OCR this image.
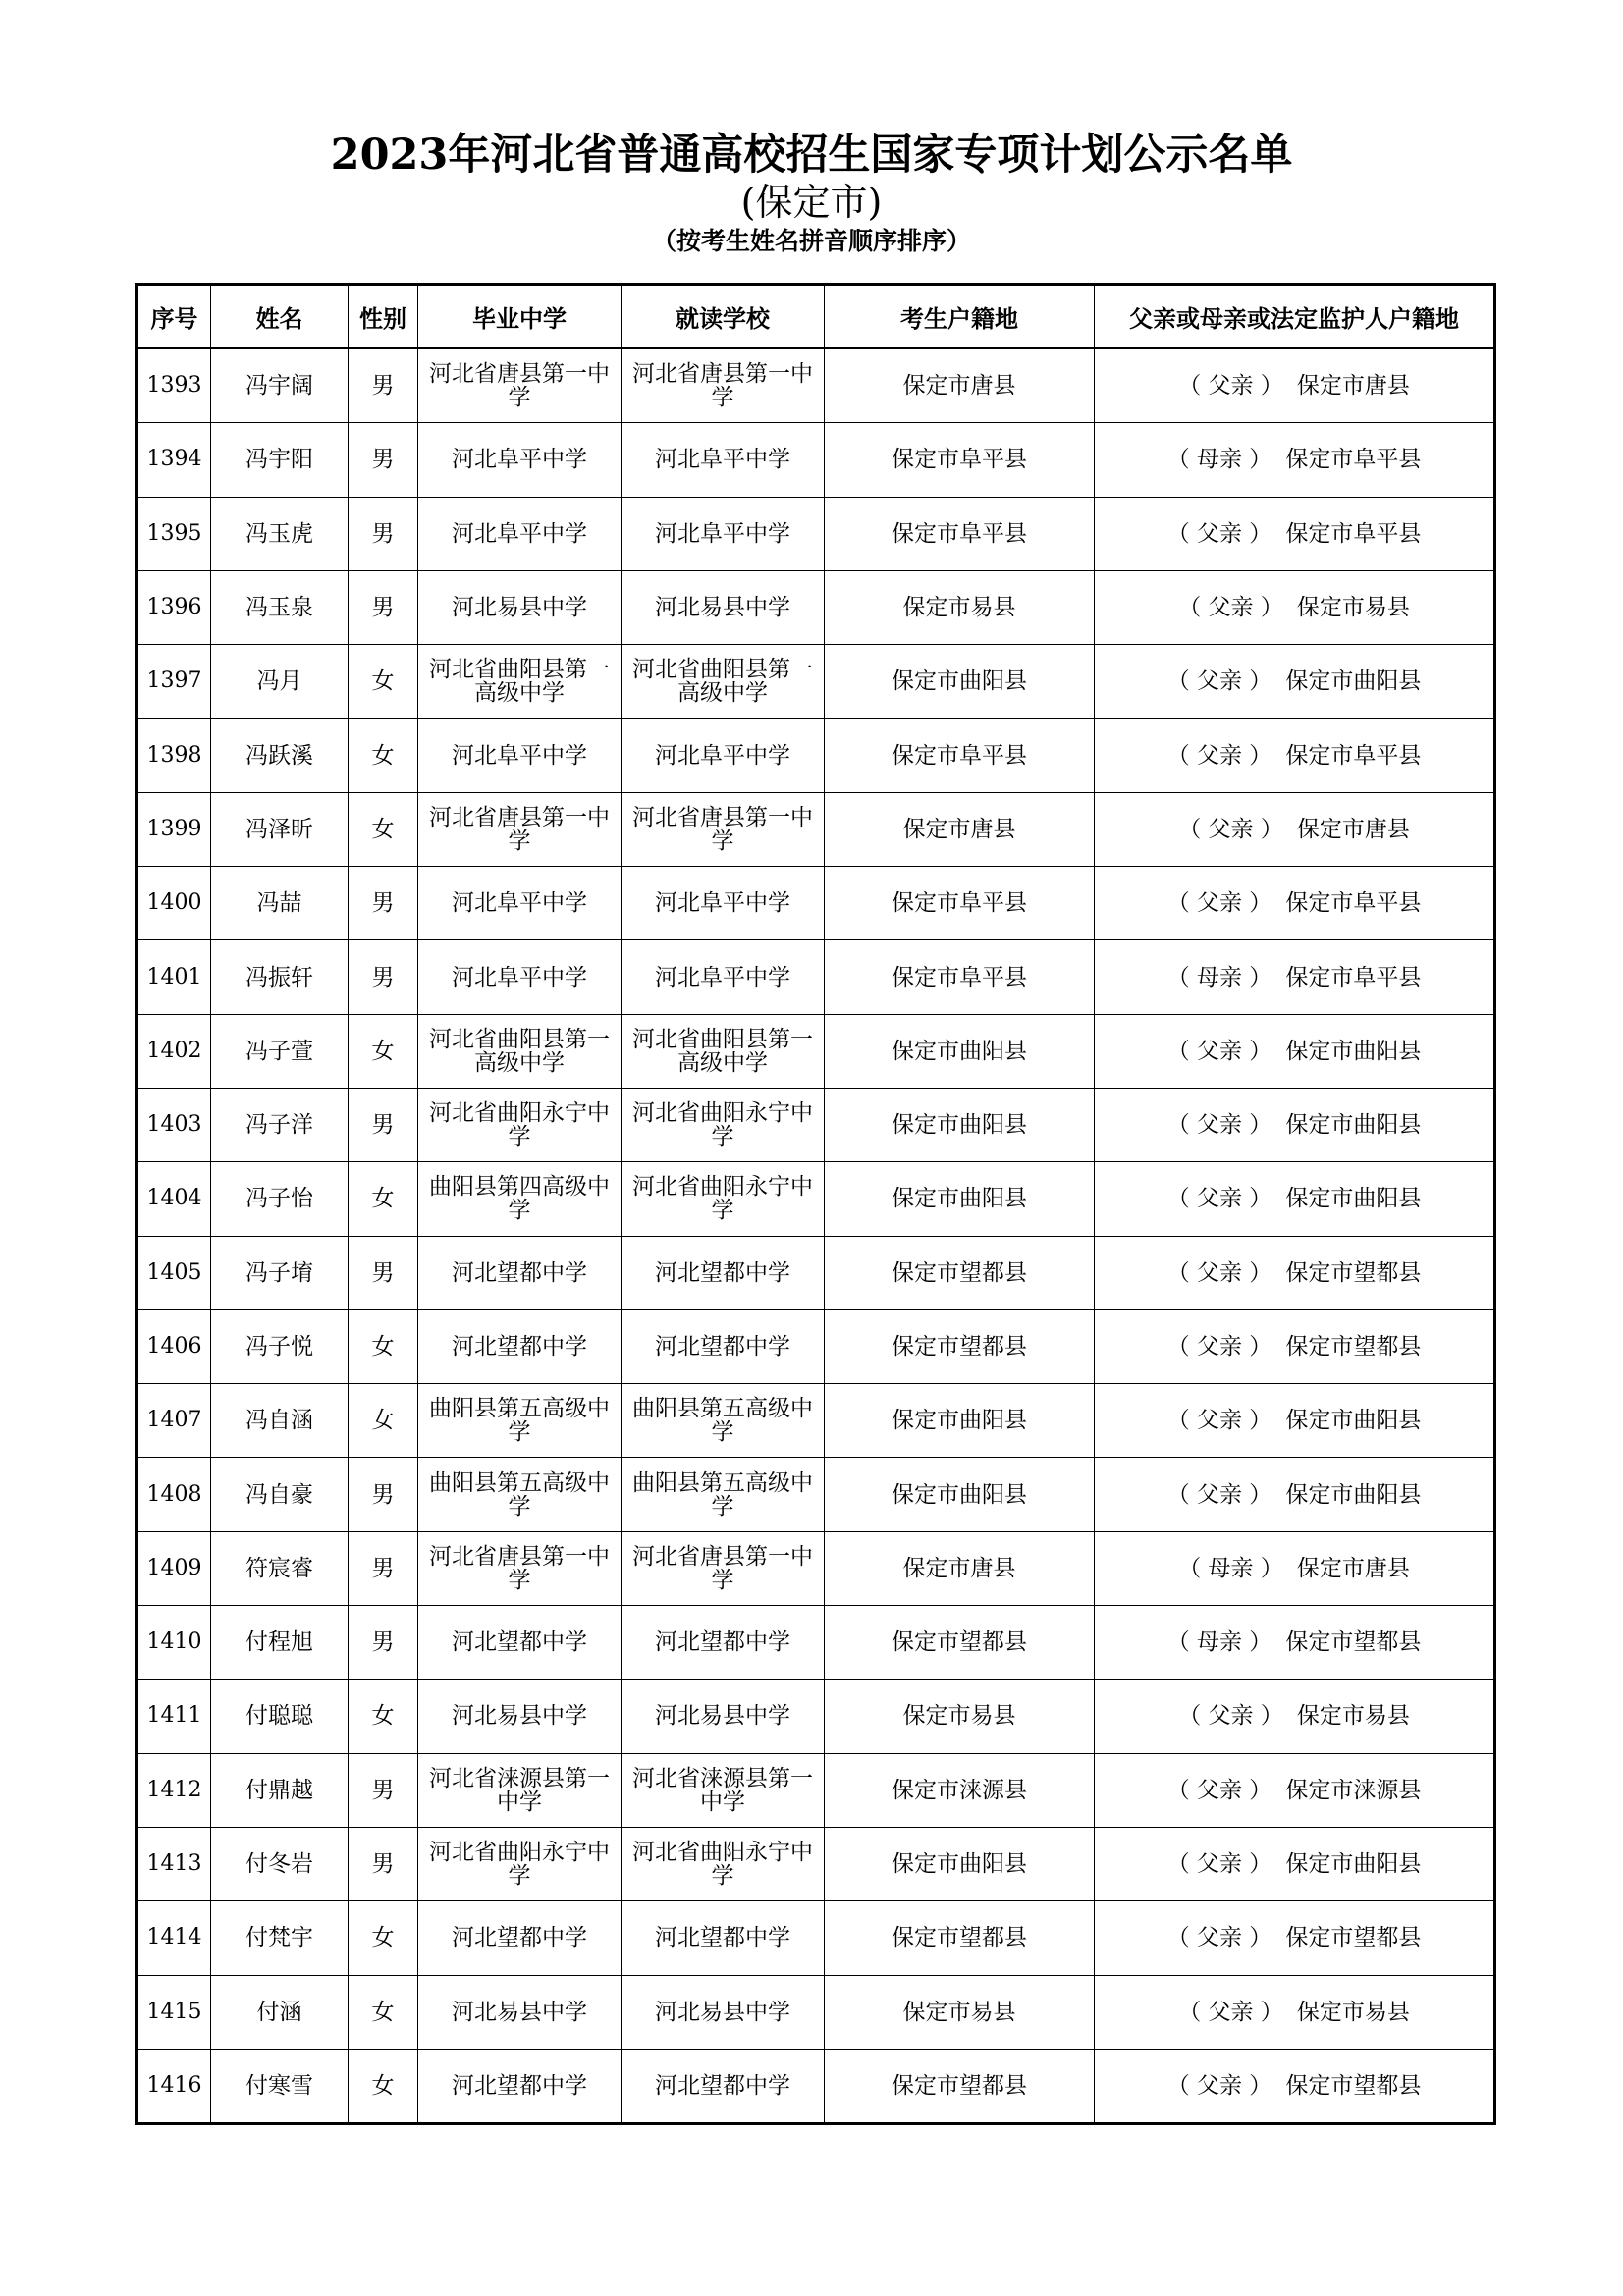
2023年河北省普通高校招生国家专项计划公示名单
(保定市)
（按考生姓名拼音顺序排序）
序号	姓名	性别	毕业中学	就读学校	考生户籍地	父亲或母亲或法定监护人户籍地
1393	冯宇阔	男	河北省唐县第一中学	河北省唐县第一中学	保定市唐县	（ 父亲 ） 保定市唐县
1394	冯宇阳	男	河北阜平中学	河北阜平中学	保定市阜平县	（ 母亲 ） 保定市阜平县
1395	冯玉虎	男	河北阜平中学	河北阜平中学	保定市阜平县	（ 父亲 ） 保定市阜平县
1396	冯玉泉	男	河北易县中学	河北易县中学	保定市易县	（ 父亲 ） 保定市易县
1397	冯月	女	河北省曲阳县第一高级中学	河北省曲阳县第一高级中学	保定市曲阳县	（ 父亲 ） 保定市曲阳县
1398	冯跃溪	女	河北阜平中学	河北阜平中学	保定市阜平县	（ 父亲 ） 保定市阜平县
1399	冯泽昕	女	河北省唐县第一中学	河北省唐县第一中学	保定市唐县	（ 父亲 ） 保定市唐县
1400	冯喆	男	河北阜平中学	河北阜平中学	保定市阜平县	（ 父亲 ） 保定市阜平县
1401	冯振轩	男	河北阜平中学	河北阜平中学	保定市阜平县	（ 母亲 ） 保定市阜平县
1402	冯子萱	女	河北省曲阳县第一高级中学	河北省曲阳县第一高级中学	保定市曲阳县	（ 父亲 ） 保定市曲阳县
1403	冯子洋	男	河北省曲阳永宁中学	河北省曲阳永宁中学	保定市曲阳县	（ 父亲 ） 保定市曲阳县
1404	冯子怡	女	曲阳县第四高级中学	河北省曲阳永宁中学	保定市曲阳县	（ 父亲 ） 保定市曲阳县
1405	冯子堉	男	河北望都中学	河北望都中学	保定市望都县	（ 父亲 ） 保定市望都县
1406	冯子悦	女	河北望都中学	河北望都中学	保定市望都县	（ 父亲 ） 保定市望都县
1407	冯自涵	女	曲阳县第五高级中学	曲阳县第五高级中学	保定市曲阳县	（ 父亲 ） 保定市曲阳县
1408	冯自豪	男	曲阳县第五高级中学	曲阳县第五高级中学	保定市曲阳县	（ 父亲 ） 保定市曲阳县
1409	符宸睿	男	河北省唐县第一中学	河北省唐县第一中学	保定市唐县	（ 母亲 ） 保定市唐县
1410	付程旭	男	河北望都中学	河北望都中学	保定市望都县	（ 母亲 ） 保定市望都县
1411	付聪聪	女	河北易县中学	河北易县中学	保定市易县	（ 父亲 ） 保定市易县
1412	付鼎越	男	河北省涞源县第一中学	河北省涞源县第一中学	保定市涞源县	（ 父亲 ） 保定市涞源县
1413	付冬岩	男	河北省曲阳永宁中学	河北省曲阳永宁中学	保定市曲阳县	（ 父亲 ） 保定市曲阳县
1414	付梵宇	女	河北望都中学	河北望都中学	保定市望都县	（ 父亲 ） 保定市望都县
1415	付涵	女	河北易县中学	河北易县中学	保定市易县	（ 父亲 ） 保定市易县
1416	付寒雪	女	河北望都中学	河北望都中学	保定市望都县	（ 父亲 ） 保定市望都县
